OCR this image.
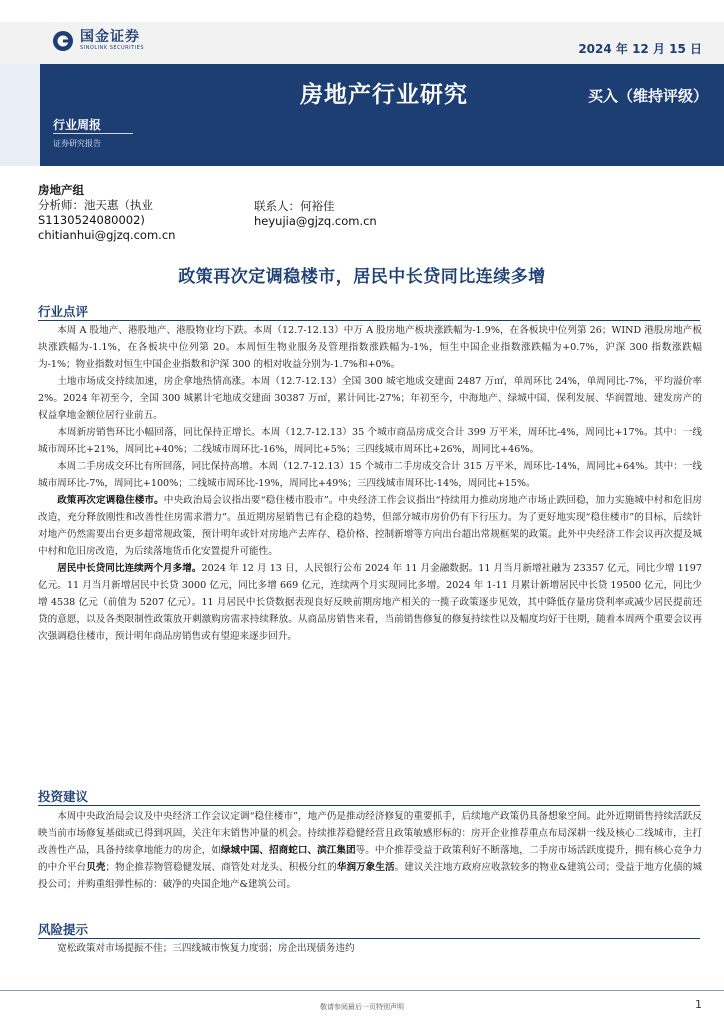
国金证券
SINOLINK SECURITIES	2024 年 12 月 15 日
房地产行业研究	买入（维持评级）
行业周报
证券研究报告
房地产组
分析师：池天惠（执业
S1130524080002)
chitianhui@gjzq.com.cn
联系人：何裕佳
heyujia@gjzq.com.cn
政策再次定调稳楼市，居民中长贷同比连续多增
行业点评

本周 A 股地产、港股地产、港股物业均下跌。本周（12.7-12.13）中万 A 股房地产板块涨跌幅为-1.9%，在各板块中位列第 26；WIND 港股房地产板块涨跌幅为-1.1%，在各板块中位列第 20。本周恒生物业服务及管理指数涨跌幅为-1%，恒生中国企业指数涨跌幅为+0.7%，沪深 300 指数涨跌幅为-1%；物业指数对恒生中国企业指数和沪深 300 的相对收益分别为-1.7%和+0%。

土地市场成交持续加速，房企拿地热情高涨。本周（12.7-12.13）全国 300 城宅地成交建面 2487 万㎡，单周环比 24%，单周同比-7%，平均溢价率 2%。2024 年初至今，全国 300 城累计宅地成交建面 30387 万㎡，累计同比-27%；年初至今，中海地产、绿城中国、保利发展、华润置地、建发房产的权益拿地金额位居行业前五。

本周新房销售环比小幅回落，同比保持正增长。本周（12.7-12.13）35 个城市商品房成交合计 399 万平米，周环比-4%，周同比+17%。其中：一线城市周环比+21%，周同比+40%；二线城市周环比-16%，周同比+5%；三四线城市周环比+26%，周同比+46%。

本周二手房成交环比有所回落，同比保持高增。本周（12.7-12.13）15 个城市二手房成交合计 315 万平米，周环比-14%，周同比+64%。其中：一线城市周环比-7%，周同比+100%；二线城市周环比-19%，周同比+49%；三四线城市周环比-14%，周同比+15%。

政策再次定调稳住楼市。中央政治局会议指出要“稳住楼市股市”。中央经济工作会议指出“持续用力推动房地产市场止跌回稳，加力实施城中村和危旧房改造，充分释放刚性和改善性住房需求潜力”。虽近期房屋销售已有企稳的趋势，但部分城市房价仍有下行压力。为了更好地实现“稳住楼市”的目标，后续针对地产仍然需要出台更多超常规政策，预计明年或针对房地产去库存、稳价格、控制新增等方向出台超出常规框架的政策。此外中央经济工作会议再次提及城中村和危旧房改造，为后续落地货币化安置提升可能性。

居民中长贷同比连续两个月多增。2024 年 12 月 13 日，人民银行公布 2024 年 11 月金融数据。11 月当月新增社融为 23357 亿元，同比少增 1197 亿元。11 月当月新增居民中长贷 3000 亿元，同比多增 669 亿元，连续两个月实现同比多增。2024 年 1-11 月累计新增居民中长贷 19500 亿元，同比少增 4538 亿元（前值为 5207 亿元）。11 月居民中长贷数据表现良好反映前期房地产相关的一揽子政策逐步见效，其中降低存量房贷利率或减少居民提前还贷的意愿，以及各类限制性政策放开刺激购房需求持续释放。从商品房销售来看，当前销售修复的修复持续性以及幅度均好于往期，随着本周两个重要会议再次强调稳住楼市，预计明年商品房销售或有望迎来逐步回升。

投资建议

本周中央政治局会议及中央经济工作会议定调“稳住楼市”，地产仍是推动经济修复的重要抓手，后续地产政策仍具备想象空间。此外近期销售持续活跃反映当前市场修复基础或已得到巩固，关注年末销售冲量的机会。持续推荐稳健经营且政策敏感形标的：房开企业推荐重点布局深耕一线及核心二线城市，主打改善性产品，具备持续拿地能力的房企，如绿城中国、招商蛇口、滨江集团等。中介推荐受益于政策利好不断落地，二手房市场活跃度提升，拥有核心竞争力的中介平台贝壳；物企推荐物管稳健发展、商管处对龙头、积极分红的华润万象生活。建议关注地方政府应收款较多的物业&建筑公司；受益于地方化债的城投公司；并购重组弹性标的：破净的央国企地产&建筑公司。

风险提示

宽松政策对市场提振不佳；三四线城市恢复力度弱；房企出现债务违约

敬请参阅最后一页特别声明	1
